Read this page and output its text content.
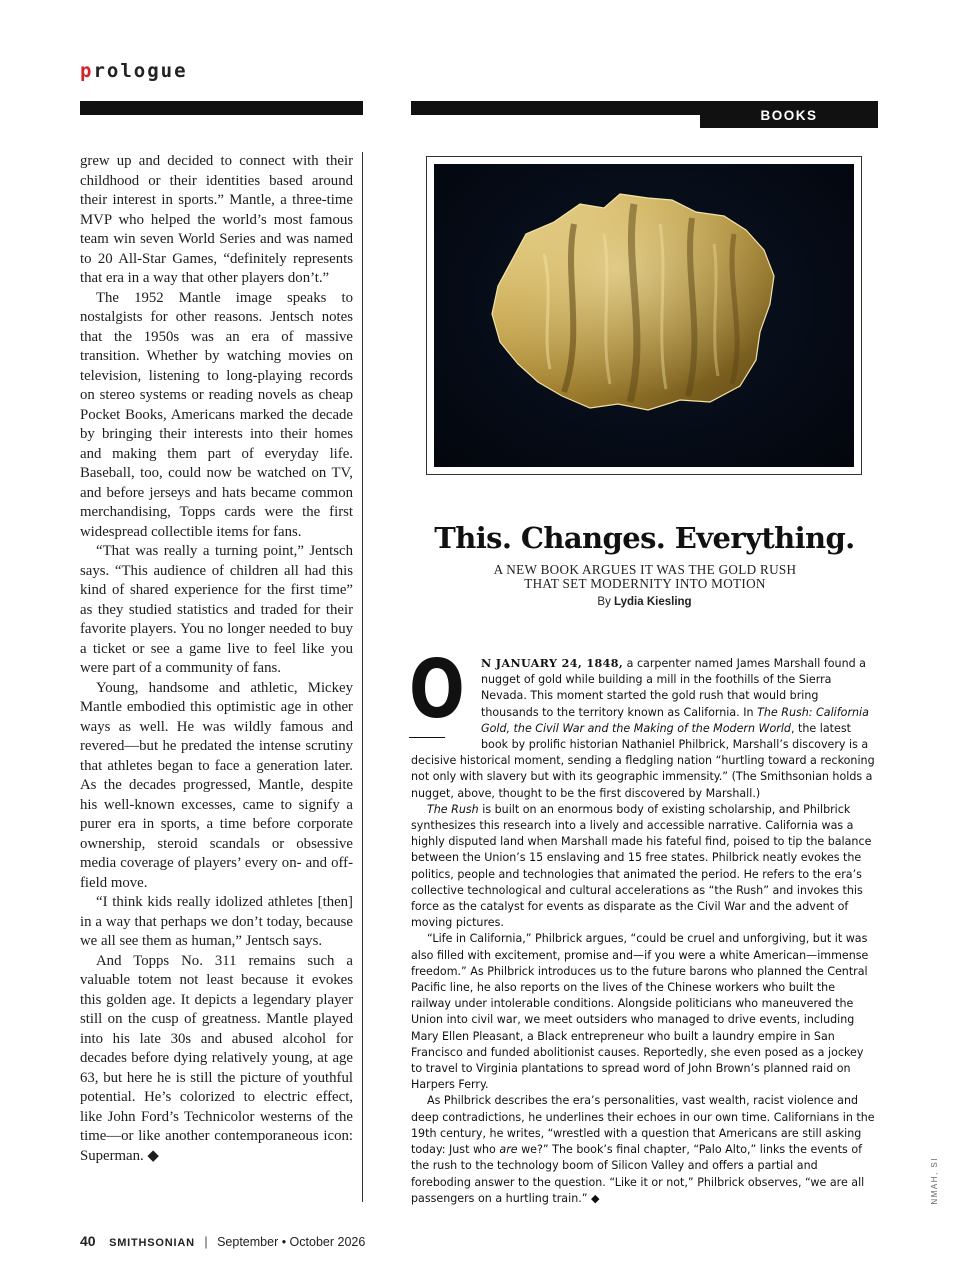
prologue
BOOKS

grew up and decided to connect with their childhood or their identities based around their interest in sports.” Mantle, a three-time MVP who helped the world’s most famous team win seven World Series and was named to 20 All-Star Games, “definitely represents that era in a way that other players don’t.”

The 1952 Mantle image speaks to nostalgists for other reasons. Jentsch notes that the 1950s was an era of massive transition. Whether by watching movies on television, listening to long-playing records on stereo systems or reading novels as cheap Pocket Books, Americans marked the decade by bringing their interests into their homes and making them part of everyday life. Baseball, too, could now be watched on TV, and before jerseys and hats became common merchandising, Topps cards were the first widespread collectible items for fans.

“That was really a turning point,” Jentsch says. “This audience of children all had this kind of shared experience for the first time” as they studied statistics and traded for their favorite players. You no longer needed to buy a ticket or see a game live to feel like you were part of a community of fans.

Young, handsome and athletic, Mickey Mantle embodied this optimistic age in other ways as well. He was wildly famous and revered—but he predated the intense scrutiny that athletes began to face a generation later. As the decades progressed, Mantle, despite his well-known excesses, came to signify a purer era in sports, a time before corporate ownership, steroid scandals or obsessive media coverage of players’ every on- and off-field move.

“I think kids really idolized athletes [then] in a way that perhaps we don’t today, because we all see them as human,” Jentsch says.

And Topps No. 311 remains such a valuable totem not least because it evokes this golden age. It depicts a legendary player still on the cusp of greatness. Mantle played into his late 30s and abused alcohol for decades before dying relatively young, at age 63, but here he is still the picture of youthful potential. He’s colorized to electric effect, like John Ford’s Technicolor westerns of the time—or like another contemporaneous icon: Superman. ◆

This. Changes. Everything.
A NEW BOOK ARGUES IT WAS THE GOLD RUSH
THAT SET MODERNITY INTO MOTION
By Lydia Kiesling
O	N JANUARY 24, 1848, a carpenter named James Marshall found a nugget of gold while building a mill in the foothills of the Sierra Nevada. This moment started the gold rush that would bring thousands to the territory known as California. In The Rush: California Gold, the Civil War and the Making of the Modern World, the latest book by prolific historian Nathaniel Philbrick, Marshall’s discovery is a decisive historical moment, sending a fledgling nation “hurtling toward a reckoning not only with slavery but with its geographic immensity.” (The Smithsonian holds a nugget, above, thought to be the first discovered by Marshall.)

The Rush is built on an enormous body of existing scholarship, and Philbrick synthesizes this research into a lively and accessible narrative. California was a highly disputed land when Marshall made his fateful find, poised to tip the balance between the Union’s 15 enslaving and 15 free states. Philbrick neatly evokes the politics, people and technologies that animated the period. He refers to the era’s collective technological and cultural accelerations as “the Rush” and invokes this force as the catalyst for events as disparate as the Civil War and the advent of moving pictures.

“Life in California,” Philbrick argues, “could be cruel and unforgiving, but it was also filled with excitement, promise and—if you were a white American—immense freedom.” As Philbrick introduces us to the future barons who planned the Central Pacific line, he also reports on the lives of the Chinese workers who built the railway under intolerable conditions. Alongside politicians who maneuvered the Union into civil war, we meet outsiders who managed to drive events, including Mary Ellen Pleasant, a Black entrepreneur who built a laundry empire in San Francisco and funded abolitionist causes. Reportedly, she even posed as a jockey to travel to Virginia plantations to spread word of John Brown’s planned raid on Harpers Ferry.

As Philbrick describes the era’s personalities, vast wealth, racist violence and deep contradictions, he underlines their echoes in our own time. Californians in the 19th century, he writes, “wrestled with a question that Americans are still asking today: Just who are we?” The book’s final chapter, “Palo Alto,” links the events of the rush to the technology boom of Silicon Valley and offers a partial and foreboding answer to the question. “Like it or not,” Philbrick observes, “we are all passengers on a hurtling train.” ◆	NMAH, SI
40 SMITHSONIAN | September • October 2026
